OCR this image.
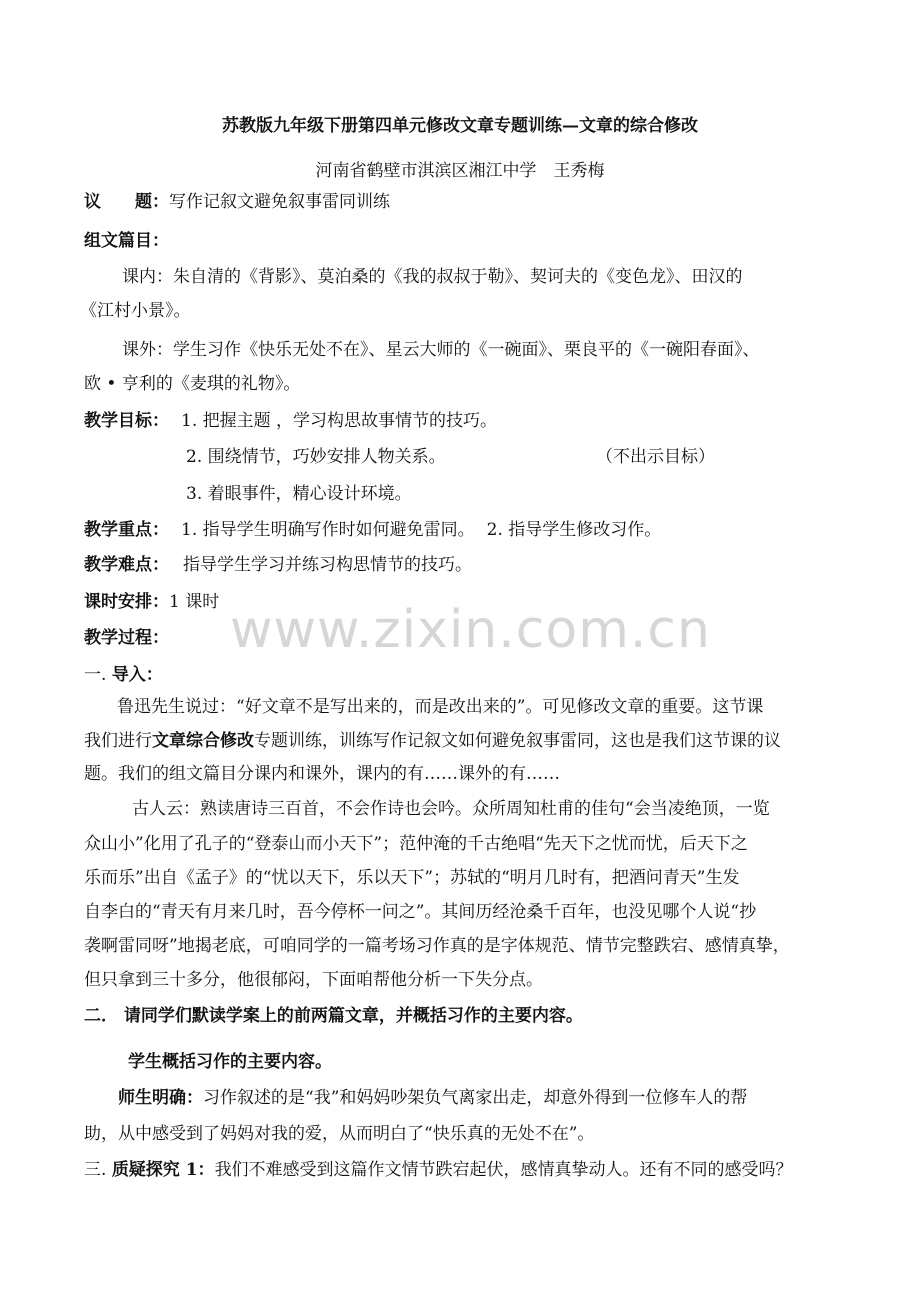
苏教版九年级下册第四单元修改文章专题训练—文章的综合修改
河南省鹤壁市淇滨区湘江中学　王秀梅
议　　题：写作记叙文避免叙事雷同训练
组文篇目：
课内：朱自清的《背影》、莫泊桑的《我的叔叔于勒》、契诃夫的《变色龙》、田汉的
《江村小景》。
课外：学生习作《快乐无处不在》、星云大师的《一碗面》、栗良平的《一碗阳春面》、
欧 • 亨利的《麦琪的礼物》。
教学目标： 1. 把握主题 ，学习构思故事情节的技巧。
2. 围绕情节，巧妙安排人物关系。	（不出示目标）
3. 着眼事件，精心设计环境。
教学重点： 1. 指导学生明确写作时如何避免雷同。 2. 指导学生修改习作。
教学难点： 指导学生学习并练习构思情节的技巧。
课时安排：1 课时
教学过程：
一. 导入：
鲁迅先生说过：“好文章不是写出来的，而是改出来的”。可见修改文章的重要。这节课
我们进行文章综合修改专题训练，训练写作记叙文如何避免叙事雷同，这也是我们这节课的议
题。我们的组文篇目分课内和课外，课内的有……课外的有……
古人云：熟读唐诗三百首，不会作诗也会吟。众所周知杜甫的佳句“会当凌绝顶，一览
众山小”化用了孔子的“登泰山而小天下”；范仲淹的千古绝唱“先天下之忧而忧，后天下之
乐而乐”出自《孟子》的“忧以天下，乐以天下”；苏轼的“明月几时有，把酒问青天”生发
自李白的“青天有月来几时，吾今停杯一问之”。其间历经沧桑千百年，也没见哪个人说“抄
袭啊雷同呀”地揭老底，可咱同学的一篇考场习作真的是字体规范、情节完整跌宕、感情真挚，
但只拿到三十多分，他很郁闷，下面咱帮他分析一下失分点。
二． 请同学们默读学案上的前两篇文章，并概括习作的主要内容。
学生概括习作的主要内容。
师生明确：习作叙述的是“我”和妈妈吵架负气离家出走，却意外得到一位修车人的帮
助，从中感受到了妈妈对我的爱，从而明白了“快乐真的无处不在”。
三. 质疑探究 1：我们不难感受到这篇作文情节跌宕起伏，感情真挚动人。还有不同的感受吗？
www.zixin.com.cn
